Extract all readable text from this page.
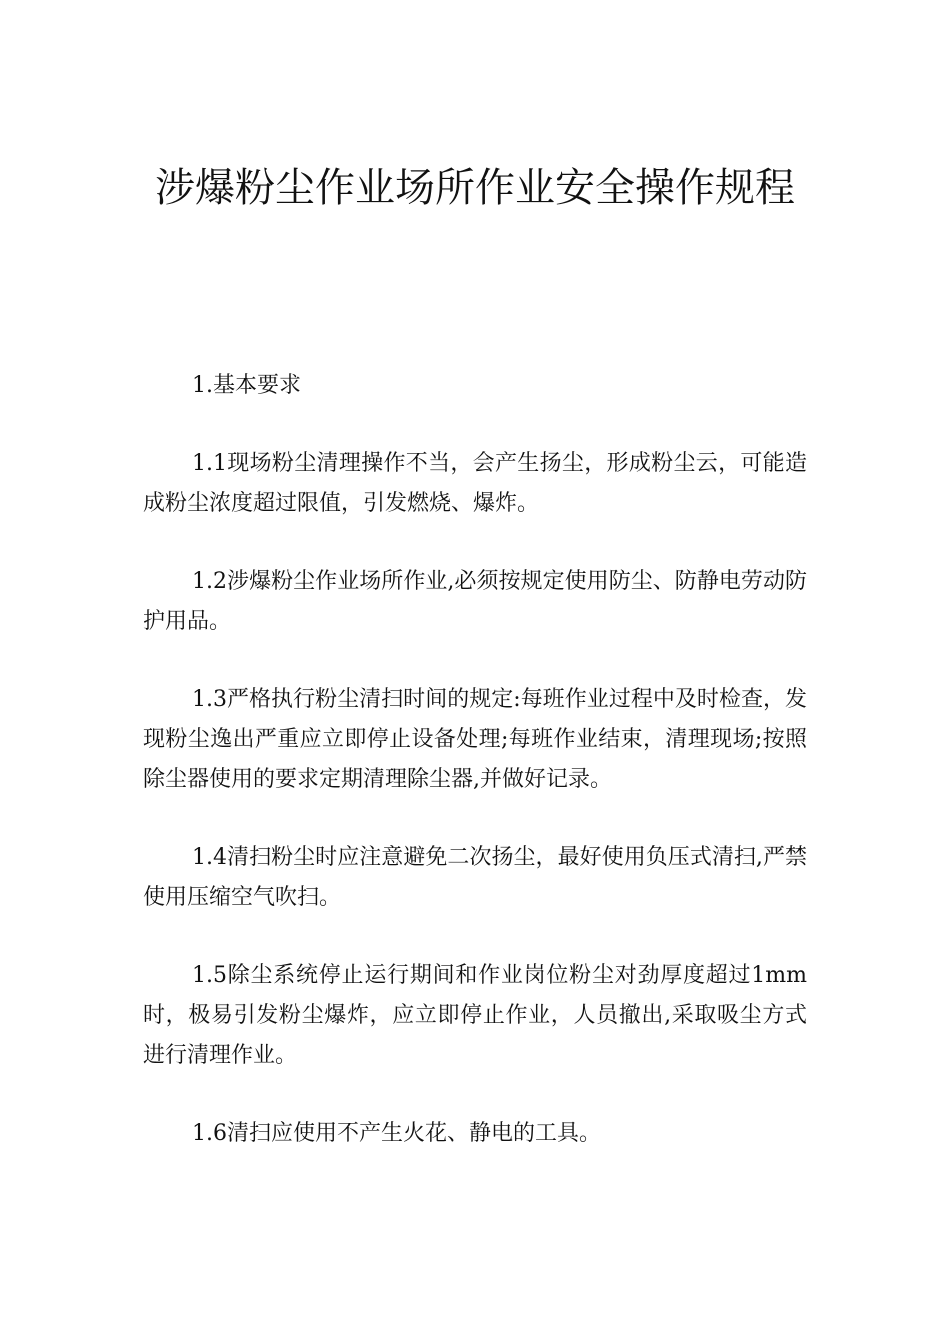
涉爆粉尘作业场所作业安全操作规程

1.基本要求

1.1现场粉尘清理操作不当，会产生扬尘，形成粉尘云，可能造成粉尘浓度超过限值，引发燃烧、爆炸。

1.2涉爆粉尘作业场所作业,必须按规定使用防尘、防静电劳动防护用品。

1.3严格执行粉尘清扫时间的规定:每班作业过程中及时检查，发现粉尘逸出严重应立即停止设备处理;每班作业结束，清理现场;按照除尘器使用的要求定期清理除尘器,并做好记录。

1.4清扫粉尘时应注意避免二次扬尘，最好使用负压式清扫,严禁使用压缩空气吹扫。

1.5除尘系统停止运行期间和作业岗位粉尘对劲厚度超过1mm时，极易引发粉尘爆炸，应立即停止作业，人员撤出,采取吸尘方式进行清理作业。

1.6清扫应使用不产生火花、静电的工具。
